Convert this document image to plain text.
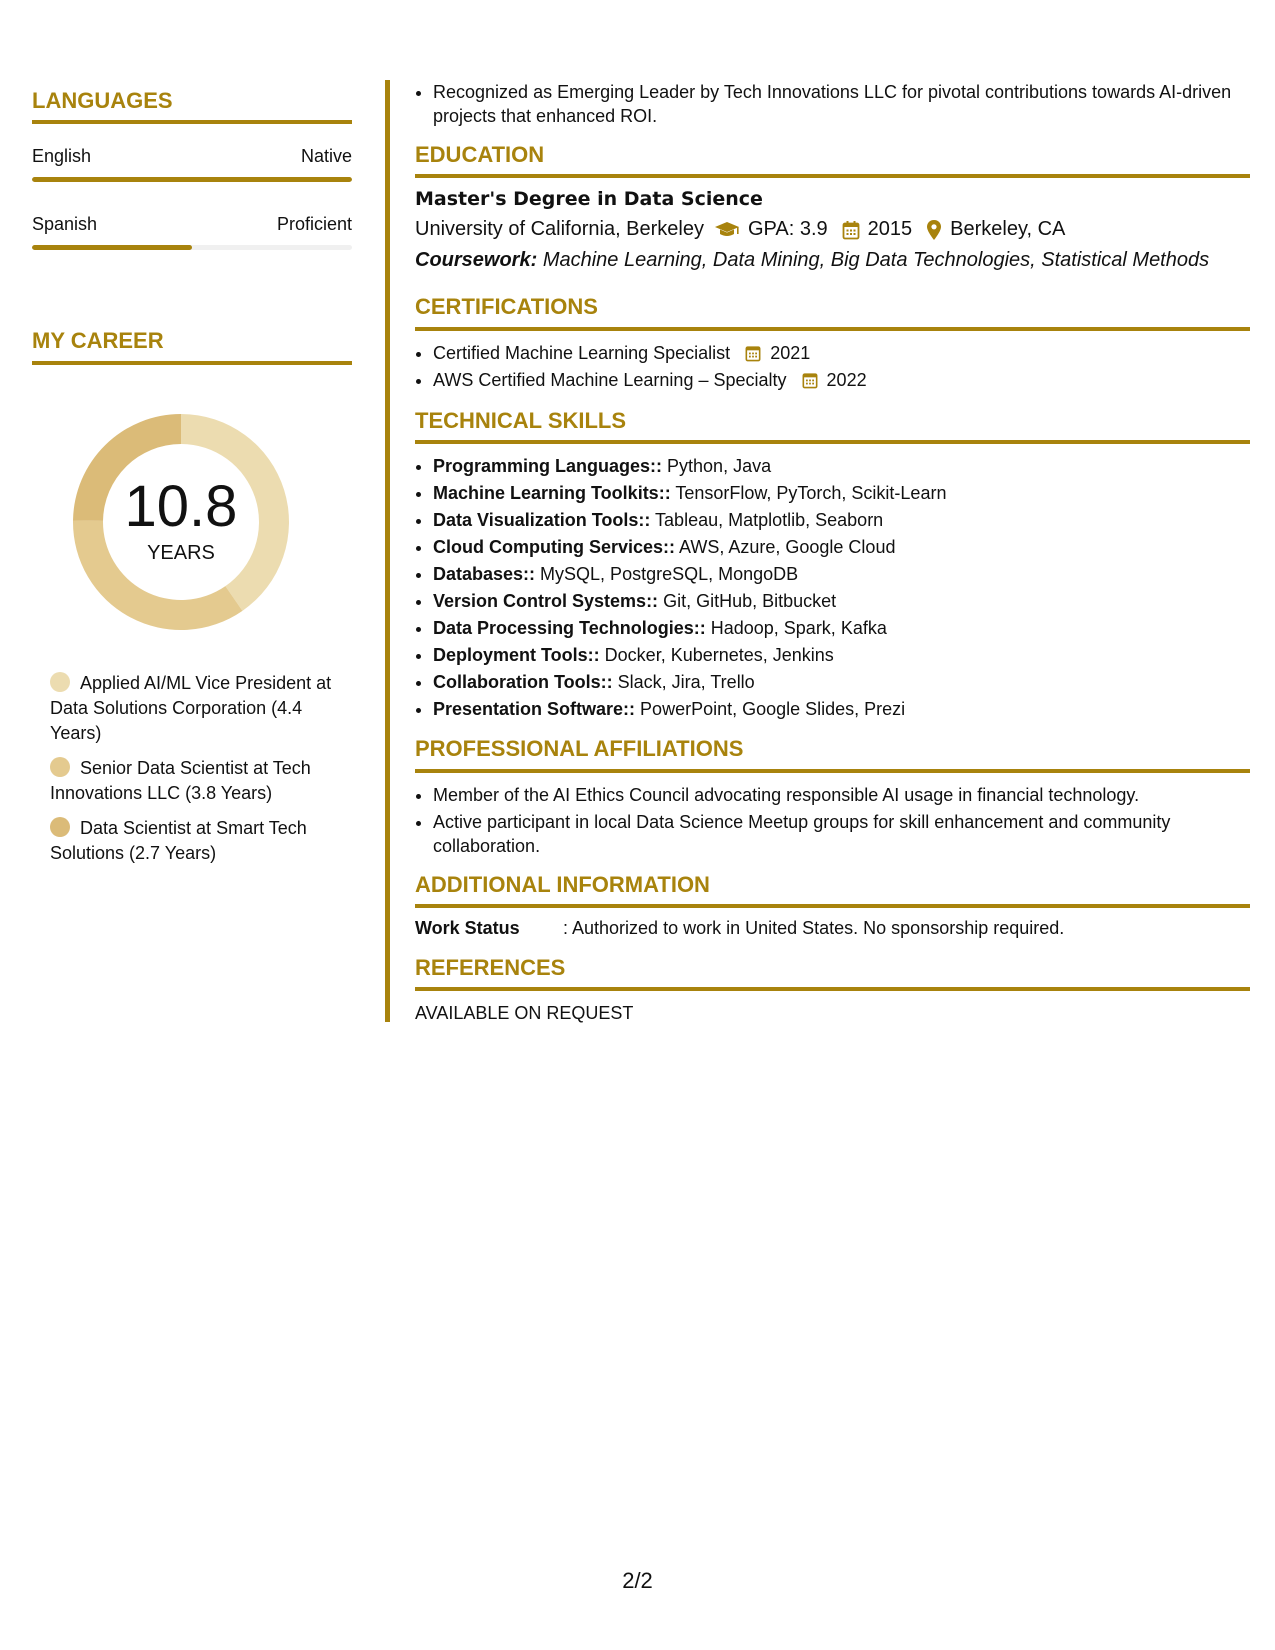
LANGUAGES
English	Native
Spanish	Proficient
MY CAREER
10.8
YEARS
Applied AI/ML Vice President at Data Solutions Corporation (4.4 Years)
Senior Data Scientist at Tech Innovations LLC (3.8 Years)
Data Scientist at Smart Tech Solutions (2.7 Years)
• Recognized as Emerging Leader by Tech Innovations LLC for pivotal contributions towards AI-driven projects that enhanced ROI.
EDUCATION
Master's Degree in Data Science
University of California, Berkeley GPA: 3.9 2015 Berkeley, CA
Coursework: Machine Learning, Data Mining, Big Data Technologies, Statistical Methods
CERTIFICATIONS
• Certified Machine Learning Specialist 2021
• AWS Certified Machine Learning – Specialty 2022
TECHNICAL SKILLS
• Programming Languages:: Python, Java
• Machine Learning Toolkits:: TensorFlow, PyTorch, Scikit-Learn
• Data Visualization Tools:: Tableau, Matplotlib, Seaborn
• Cloud Computing Services:: AWS, Azure, Google Cloud
• Databases:: MySQL, PostgreSQL, MongoDB
• Version Control Systems:: Git, GitHub, Bitbucket
• Data Processing Technologies:: Hadoop, Spark, Kafka
• Deployment Tools:: Docker, Kubernetes, Jenkins
• Collaboration Tools:: Slack, Jira, Trello
• Presentation Software:: PowerPoint, Google Slides, Prezi
PROFESSIONAL AFFILIATIONS
• Member of the AI Ethics Council advocating responsible AI usage in financial technology.
• Active participant in local Data Science Meetup groups for skill enhancement and community collaboration.
ADDITIONAL INFORMATION
Work Status	: Authorized to work in United States. No sponsorship required.
REFERENCES
AVAILABLE ON REQUEST
2/2
